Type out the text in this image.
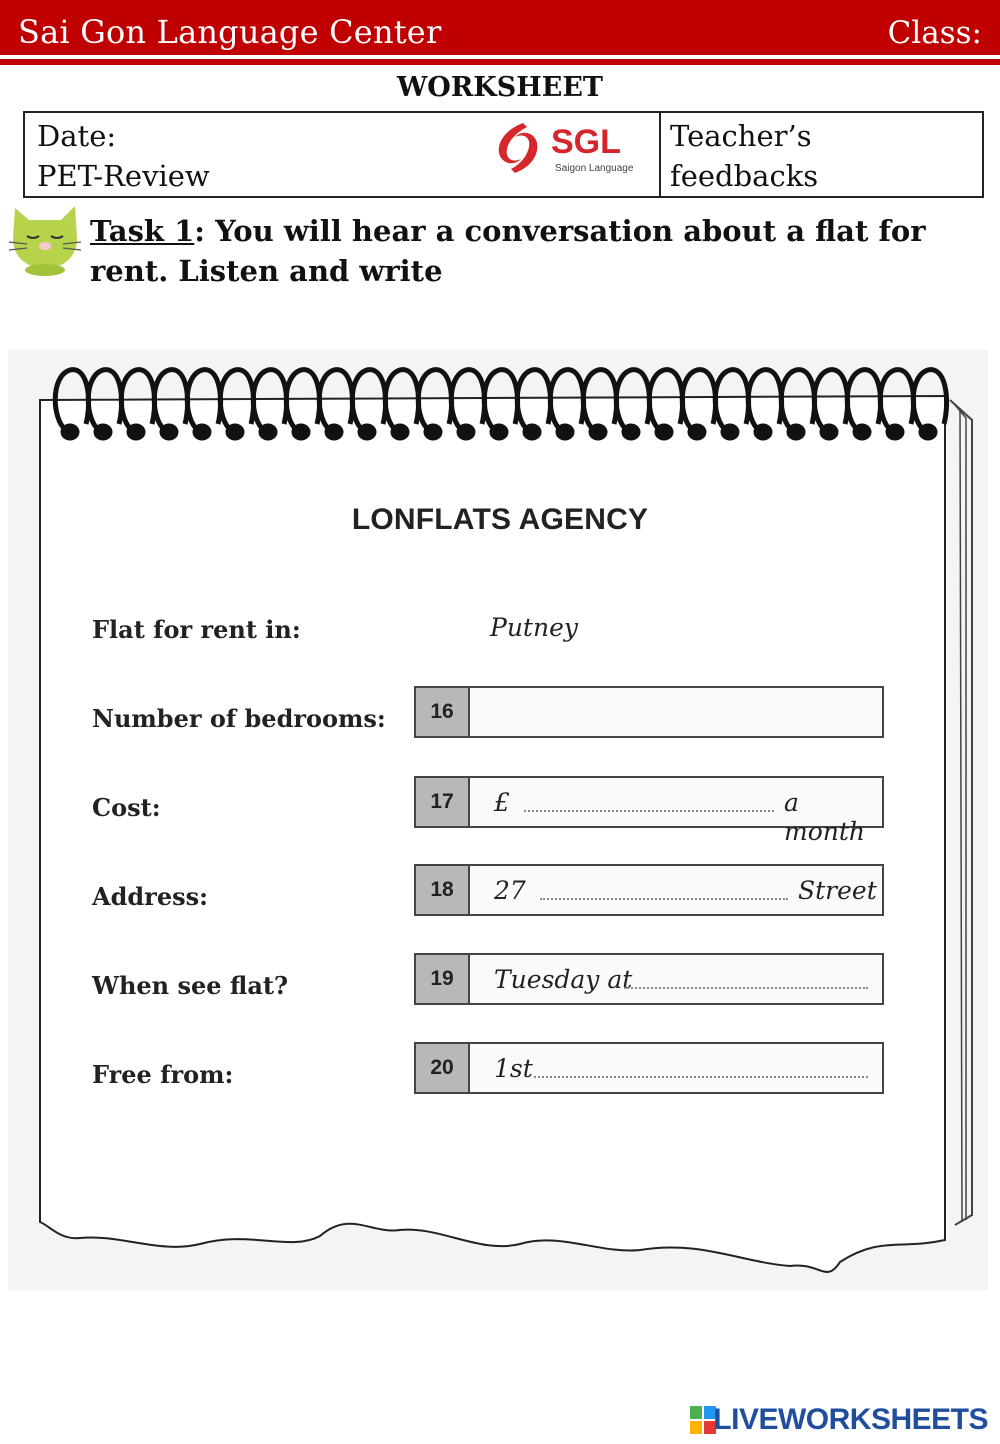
Sai Gon Language Center	Class:
WORKSHEET
Date:
PET-Review
SGL
Saigon Language
Teacher’s
feedbacks
Task 1: You will hear a conversation about a flat for rent. Listen and write
LONFLATS AGENCY
Flat for rent in:	Putney
Number of bedrooms:	16
Cost:	17	£	a month
Address:	18	27	Street
When see flat?	19	Tuesday at
Free from:	20	1st
LIVEWORKSHEETS
